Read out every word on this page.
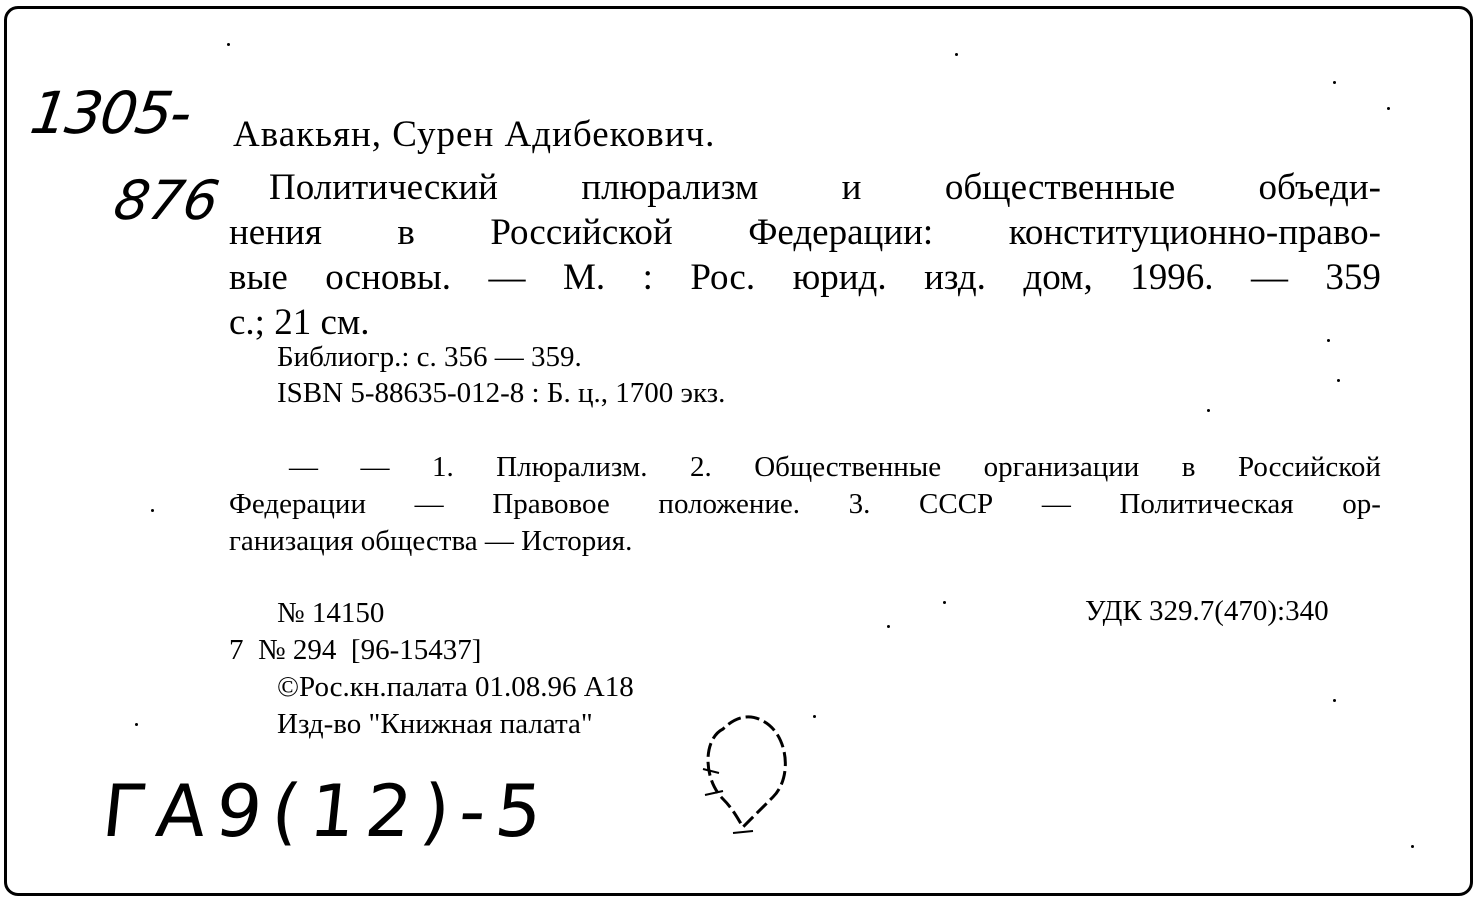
1305-
876
Авакьян, Сурен Адибекович.
Политический плюрализм и общественные объеди-
нения в Российской Федерации: конституционно-право-
вые основы. — М. : Рос. юрид. изд. дом, 1996. — 359
с.; 21 см.
Библиогр.: с. 356 — 359.
ISBN 5-88635-012-8 : Б. ц., 1700 экз.
— — 1. Плюрализм. 2. Общественные организации в Российской
Федерации — Правовое положение. 3. СССР — Политическая ор-
ганизация общества — История.
№ 14150
7  № 294  [96-15437]
©Рос.кн.палата 01.08.96 А18
Изд-во "Книжная палата"
УДК 329.7(470):340
ГА9(12)-5
